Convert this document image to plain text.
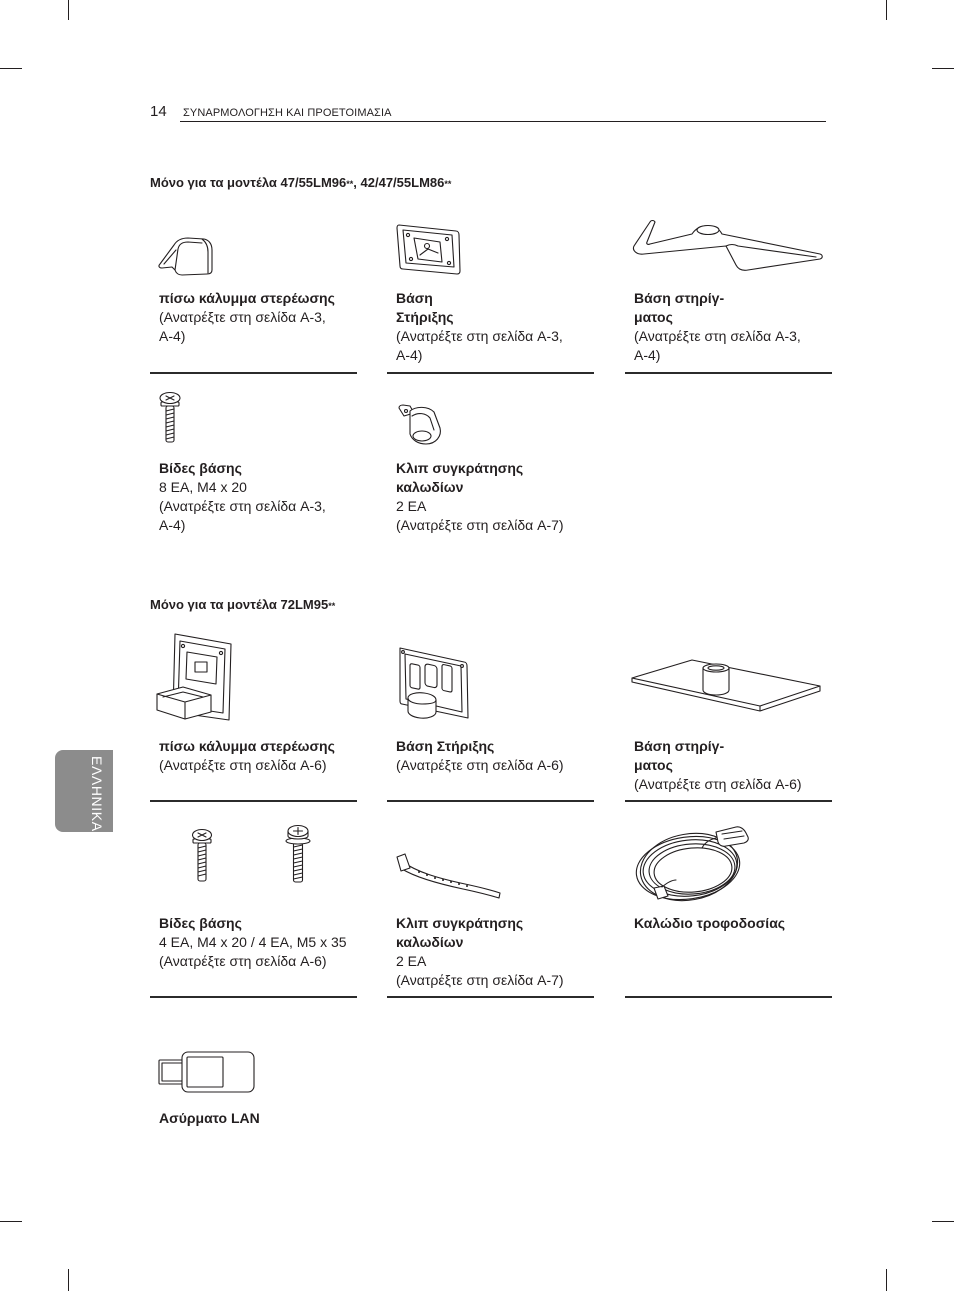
14 ΣΥΝΑΡΜΟΛΟΓΗΣΗ ΚΑΙ ΠΡΟΕΤΟΙΜΑΣΙΑ
ΕΛΛΗΝΙΚΑ
Μόνο για τα μοντέλα 47/55LM96**, 42/47/55LM86**
πίσω κάλυμμα στερέωσης
(Ανατρέξτε στη σελίδα A-3,
A-4)
Βάση
Στήριξης
(Ανατρέξτε στη σελίδα A-3,
A-4)
Βάση στηρίγ-
ματος
(Ανατρέξτε στη σελίδα A-3,
A-4)
Βίδες βάσης
8 EA, M4 x 20
(Ανατρέξτε στη σελίδα A-3,
A-4)
Κλιπ συγκράτησης
καλωδίων
2 EA
(Ανατρέξτε στη σελίδα A-7)
Μόνο για τα μοντέλα 72LM95**
πίσω κάλυμμα στερέωσης
(Ανατρέξτε στη σελίδα A-6)
Βάση Στήριξης
(Ανατρέξτε στη σελίδα A-6)
Βάση στηρίγ-
ματος
(Ανατρέξτε στη σελίδα A-6)
Βίδες βάσης
4 EA, M4 x 20 / 4 EA, M5 x 35
(Ανατρέξτε στη σελίδα A-6)
Κλιπ συγκράτησης
καλωδίων
2 EA
(Ανατρέξτε στη σελίδα A-7)
Καλώδιο τροφοδοσίας
Ασύρματο LAN
